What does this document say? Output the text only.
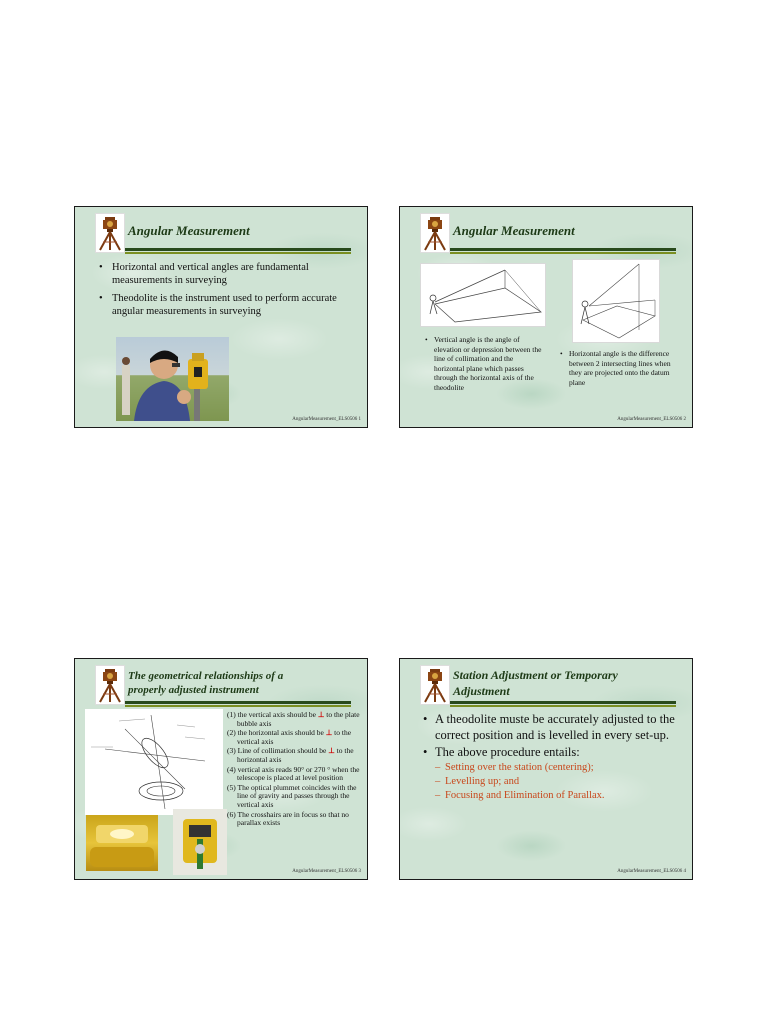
Angular Measurement
• Horizontal and vertical angles are fundamental measurements in surveying
• Theodolite is the instrument used to perform accurate angular measurements in surveying
AngularMeasurement_ELS0506 1
Angular Measurement
• Vertical angle is the angle of elevation or depression between the line of collimation and the horizontal plane which passes through the horizontal axis of the theodolite
• Horizontal angle is the difference between 2 intersecting lines when they are projected onto the datum plane
AngularMeasurement_ELS0506 2
The geometrical relationships of a
properly adjusted instrument
(1) the vertical axis should be ⊥ to the plate bubble axis
(2) the horizontal axis should be ⊥ to the vertical axis
(3) Line of collimation should be ⊥ to the horizontal axis
(4) vertical axis reads 90° or 270 ° when the telescope is placed at level position
(5) The optical plummet coincides with the line of gravity and passes through the vertical axis
(6) The crosshairs are in focus so that no parallax exists
AngularMeasurement_ELS0506 3
Station Adjustment or Temporary
Adjustment
• A theodolite muste be accurately adjusted to the correct position and is levelled in every set-up.
• The above procedure entails:
– Setting over the station (centering);
– Levelling up; and
– Focusing and Elimination of Parallax.
AngularMeasurement_ELS0506 4
